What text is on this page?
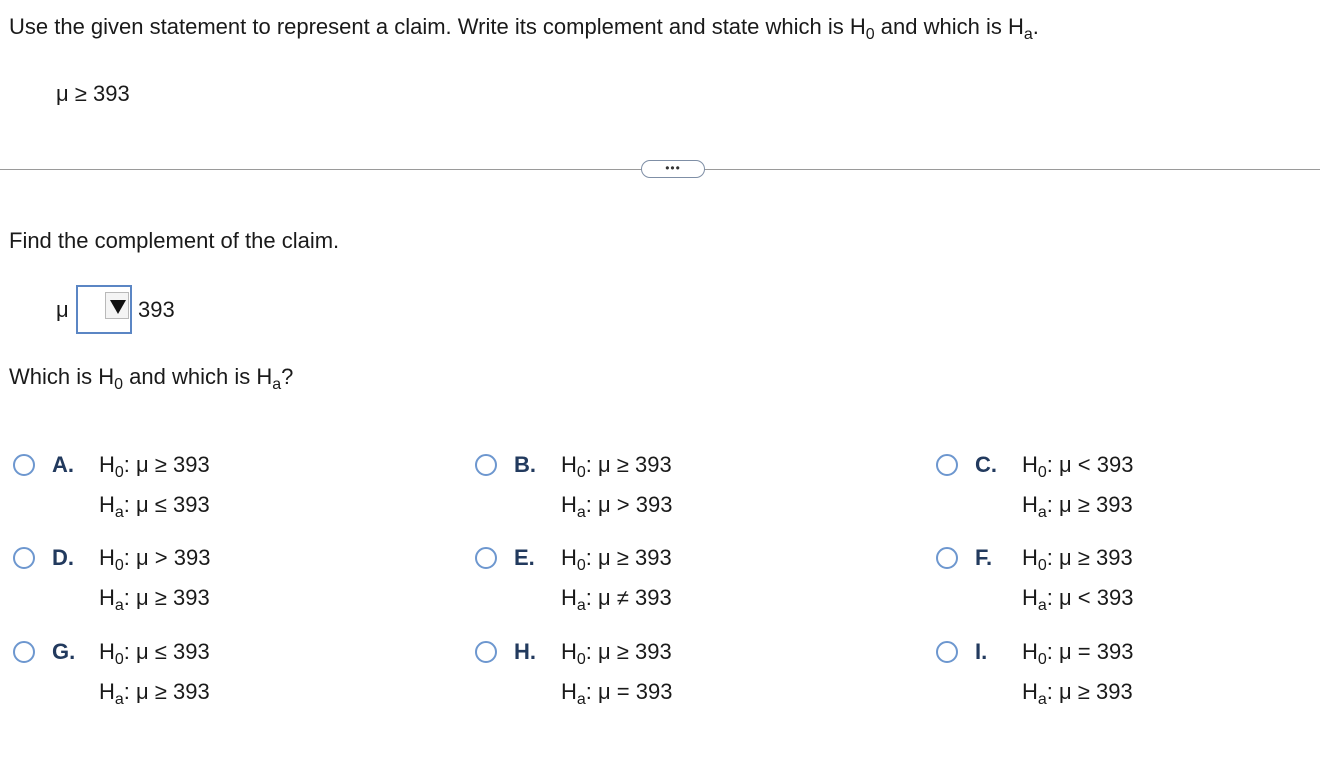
Use the given statement to represent a claim. Write its complement and state which is $H_0$ and which is $H_a$.
μ ≥ 393
•••
Find the complement of the claim.
μ	393
Which is $H_0$ and which is $H_a$?
A. $H_0$: μ ≥ 393
$H_a$: μ ≤ 393
B. $H_0$: μ ≥ 393
$H_a$: μ > 393
C. $H_0$: μ < 393
$H_a$: μ ≥ 393
D. $H_0$: μ > 393
$H_a$: μ ≥ 393
E. $H_0$: μ ≥ 393
$H_a$: μ ≠ 393
F. $H_0$: μ ≥ 393
$H_a$: μ < 393
G. $H_0$: μ ≤ 393
$H_a$: μ ≥ 393
H. $H_0$: μ ≥ 393
$H_a$: μ = 393
I. $H_0$: μ = 393
$H_a$: μ ≥ 393
